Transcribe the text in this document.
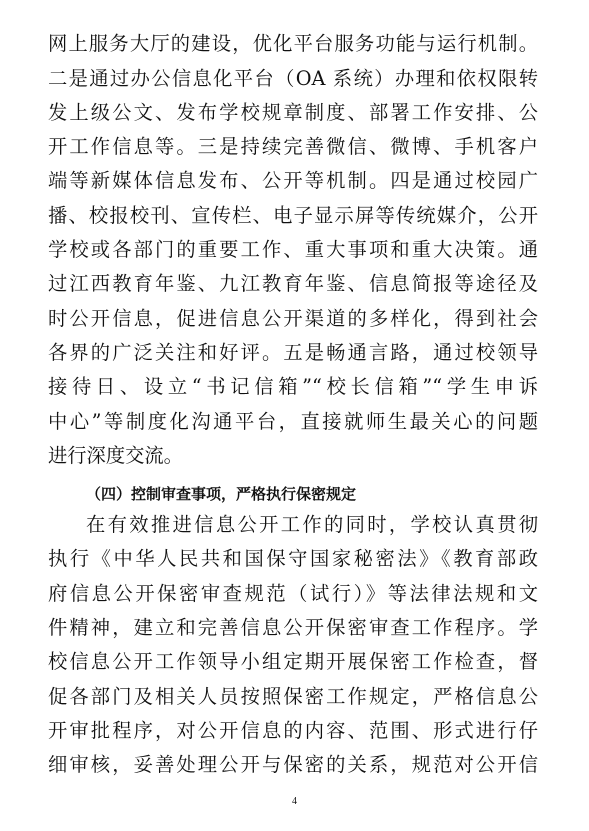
网上服务大厅的建设，优化平台服务功能与运行机制。
二是通过办公信息化平台（OA 系统）办理和依权限转
发上级公文、发布学校规章制度、部署工作安排、公
开工作信息等。三是持续完善微信、微博、手机客户
端等新媒体信息发布、公开等机制。四是通过校园广
播、校报校刊、宣传栏、电子显示屏等传统媒介，公开
学校或各部门的重要工作、重大事项和重大决策。通
过江西教育年鉴、九江教育年鉴、信息简报等途径及
时公开信息，促进信息公开渠道的多样化，得到社会
各界的广泛关注和好评。五是畅通言路，通过校领导
接待日、设立“书记信箱”“校长信箱”“学生申诉
中心”等制度化沟通平台，直接就师生最关心的问题
进行深度交流。
（四）控制审查事项，严格执行保密规定
在有效推进信息公开工作的同时，学校认真贯彻
执行《中华人民共和国保守国家秘密法》《教育部政
府信息公开保密审查规范（试行）》等法律法规和文
件精神，建立和完善信息公开保密审查工作程序。学
校信息公开工作领导小组定期开展保密工作检查，督
促各部门及相关人员按照保密工作规定，严格信息公
开审批程序，对公开信息的内容、范围、形式进行仔
细审核，妥善处理公开与保密的关系，规范对公开信
4
